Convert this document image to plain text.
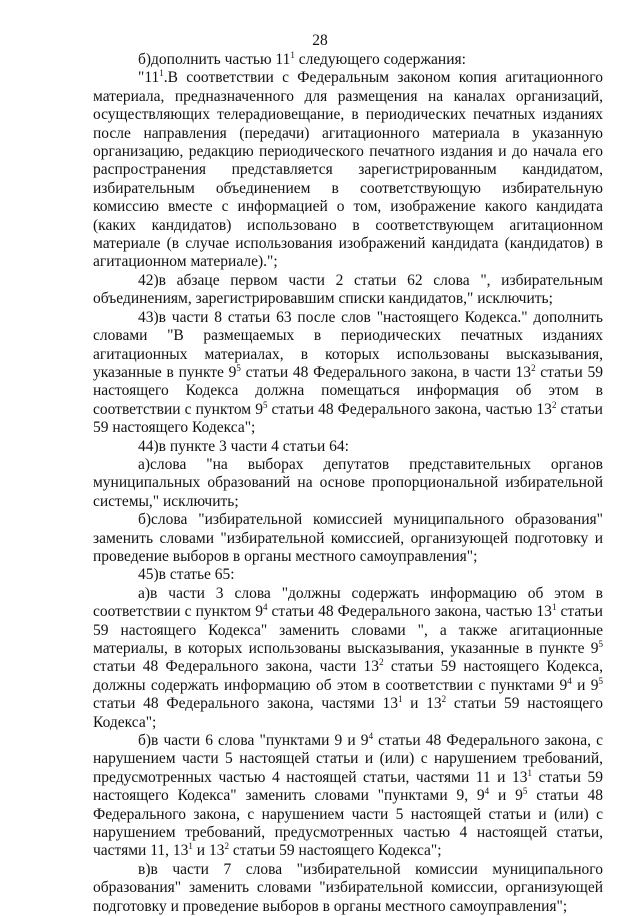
28

б)дополнить частью $11^1$ следующего содержания:

"$11^1.В$ соответствии с Федеральным законом копия агитационного материала, предназначенного для размещения на каналах организаций, осуществляющих телерадиовещание, в периодических печатных изданиях после направления (передачи) агитационного материала в указанную организацию, редакцию периодического печатного издания и до начала его распространения представляется зарегистрированным кандидатом, избирательным объединением в соответствующую избирательную комиссию вместе с информацией о том, изображение какого кандидата (каких кандидатов) использовано в соответствующем агитационном материале (в случае использования изображений кандидата (кандидатов) в агитационном материале).";

42)в абзаце первом части 2 статьи 62 слова ", избирательным объединениям, зарегистрировавшим списки кандидатов," исключить;

43)в части 8 статьи 63 после слов "настоящего Кодекса." дополнить словами "В размещаемых в периодических печатных изданиях агитационных материалах, в которых использованы высказывания, указанные в пункте $9^5$ статьи 48 Федерального закона, в части $13^2$ статьи 59 настоящего Кодекса должна помещаться информация об этом в соответствии с пунктом $9^5$ статьи 48 Федерального закона, частью $13^2$ статьи 59 настоящего Кодекса";

44)в пункте 3 части 4 статьи 64:

а)слова "на выборах депутатов представительных органов муниципальных образований на основе пропорциональной избирательной системы," исключить;

б)слова "избирательной комиссией муниципального образования" заменить словами "избирательной комиссией, организующей подготовку и проведение выборов в органы местного самоуправления";

45)в статье 65:

а)в части 3 слова "должны содержать информацию об этом в соответствии с пунктом $9^4$ статьи 48 Федерального закона, частью $13^1$ статьи 59 настоящего Кодекса" заменить словами ", а также агитационные материалы, в которых использованы высказывания, указанные в пункте $9^5$ статьи 48 Федерального закона, части $13^2$ статьи 59 настоящего Кодекса, должны содержать информацию об этом в соответствии с пунктами $9^4$ и $9^5$ статьи 48 Федерального закона, частями $13^1$ и $13^2$ статьи 59 настоящего Кодекса";

б)в части 6 слова "пунктами 9 и $9^4$ статьи 48 Федерального закона, с нарушением части 5 настоящей статьи и (или) с нарушением требований, предусмотренных частью 4 настоящей статьи, частями 11 и $13^1$ статьи 59 настоящего Кодекса" заменить словами "пунктами 9, $9^4$ и $9^5$ статьи 48 Федерального закона, с нарушением части 5 настоящей статьи и (или) с нарушением требований, предусмотренных частью 4 настоящей статьи, частями 11, $13^1$ и $13^2$ статьи 59 настоящего Кодекса";

в)в части 7 слова "избирательной комиссии муниципального образования" заменить словами "избирательной комиссии, организующей подготовку и проведение выборов в органы местного самоуправления";
